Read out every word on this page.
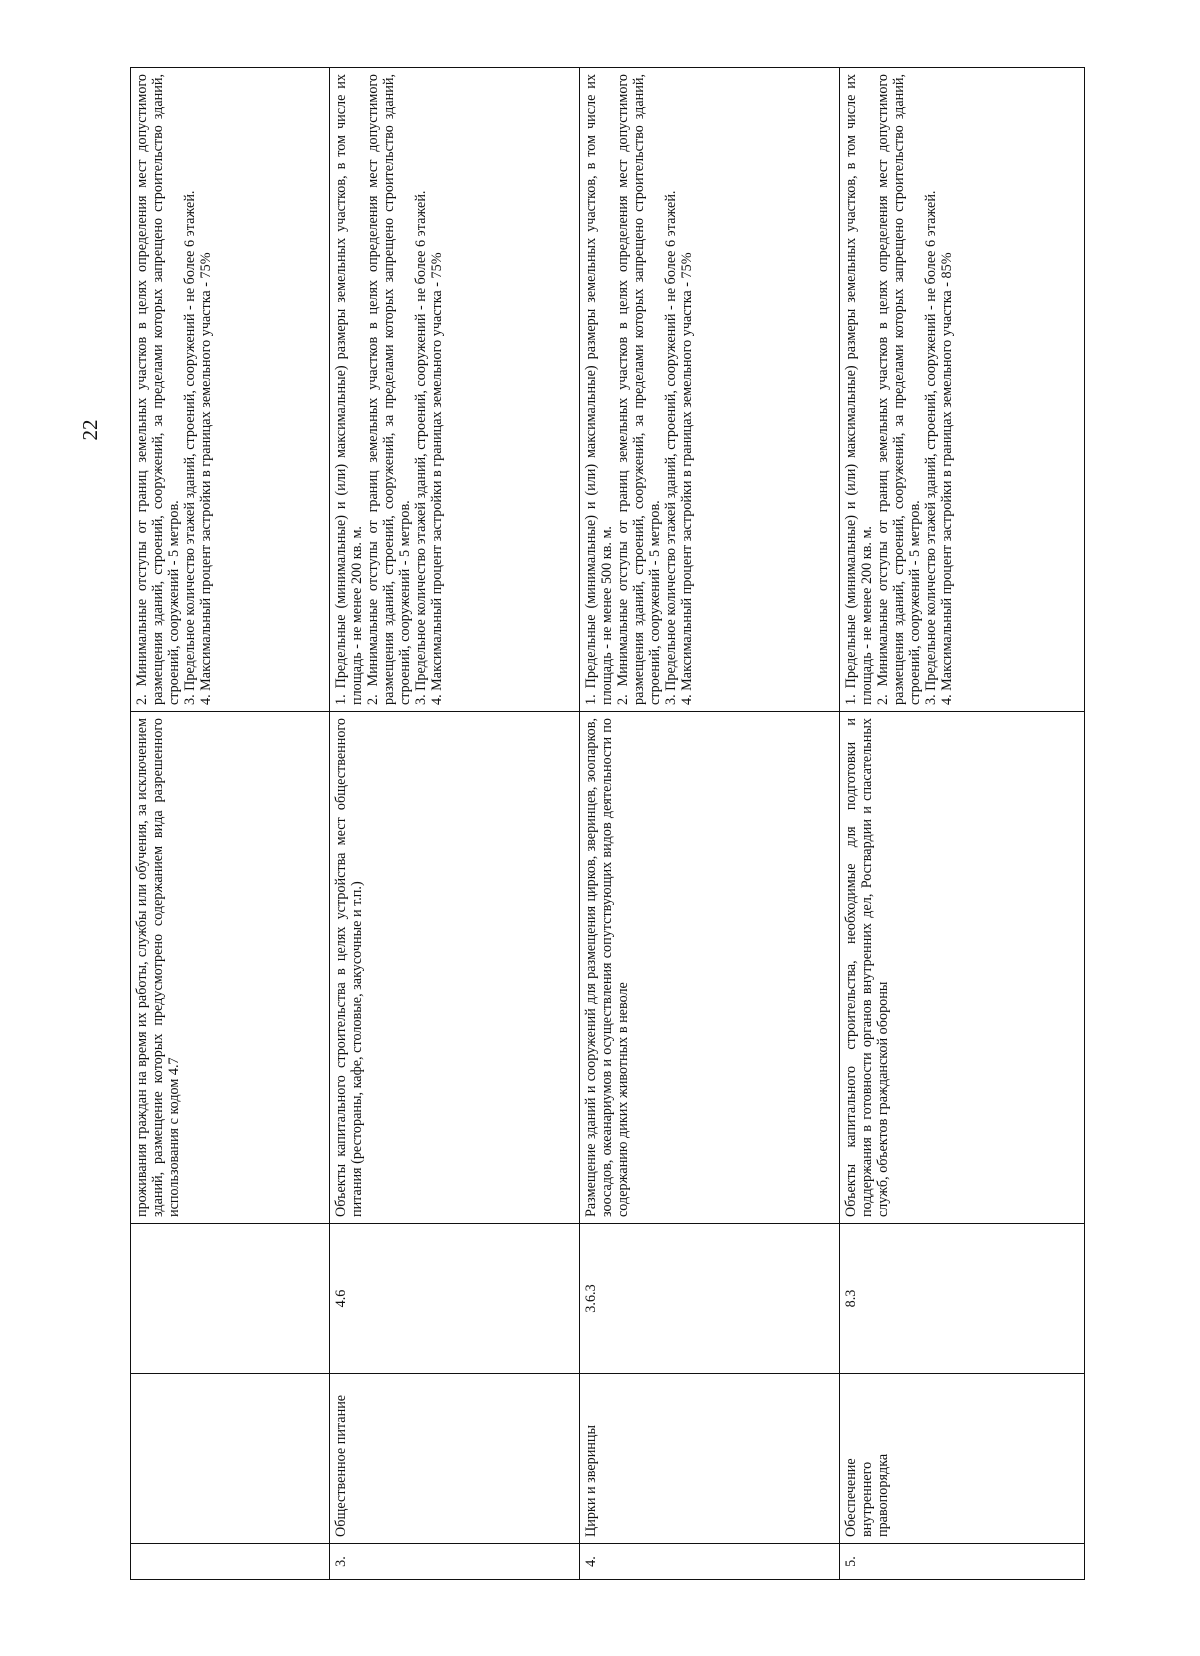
22
			проживания граждан на время их работы, службы или обучения, за исключением зданий, размещение которых предусмотрено содержанием вида разрешенного использования с кодом 4.7	2. Минимальные отступы от границ земельных участков в целях определения мест допустимого размещения зданий, строений, сооружений, за пределами которых запрещено строительство зданий, строений, сооружений - 5 метров. 3. Предельное количество этажей зданий, строений, сооружений - не более 6 этажей. 4. Максимальный процент застройки в границах земельного участка - 75%

3.	Общественное питание	4.6	Объекты капитального строительства в целях устройства мест общественного питания (рестораны, кафе, столовые, закусочные и т.п.)	1. Предельные (минимальные) и (или) максимальные) размеры земельных участков, в том числе их площадь - не менее 200 кв. м. 2. Минимальные отступы от границ земельных участков в целях определения мест допустимого размещения зданий, строений, сооружений, за пределами которых запрещено строительство зданий, строений, сооружений - 5 метров. 3. Предельное количество этажей зданий, строений, сооружений - не более 6 этажей. 4. Максимальный процент застройки в границах земельного участка - 75%

4.	Цирки и зверинцы	3.6.3	Размещение зданий и сооружений для размещения цирков, зверинцев, зоопарков, зоосадов, океанариумов и осуществления сопутствующих видов деятельности по содержанию диких животных в неволе	1. Предельные (минимальные) и (или) максимальные) размеры земельных участков, в том числе их площадь - не менее 500 кв. м. 2. Минимальные отступы от границ земельных участков в целях определения мест допустимого размещения зданий, строений, сооружений, за пределами которых запрещено строительство зданий, строений, сооружений - 5 метров. 3. Предельное количество этажей зданий, строений, сооружений - не более 6 этажей. 4. Максимальный процент застройки в границах земельного участка - 75%

5.	Обеспечение внутреннего правопорядка	8.3	Объекты капитального строительства, необходимые для подготовки и поддержания в готовности органов внутренних дел, Росгвардии и спасательных служб, объектов гражданской обороны	1. Предельные (минимальные) и (или) максимальные) размеры земельных участков, в том числе их площадь - не менее 200 кв. м. 2. Минимальные отступы от границ земельных участков в целях определения мест допустимого размещения зданий, строений, сооружений, за пределами которых запрещено строительство зданий, строений, сооружений - 5 метров. 3. Предельное количество этажей зданий, строений, сооружений - не более 6 этажей. 4. Максимальный процент застройки в границах земельного участка - 85%
